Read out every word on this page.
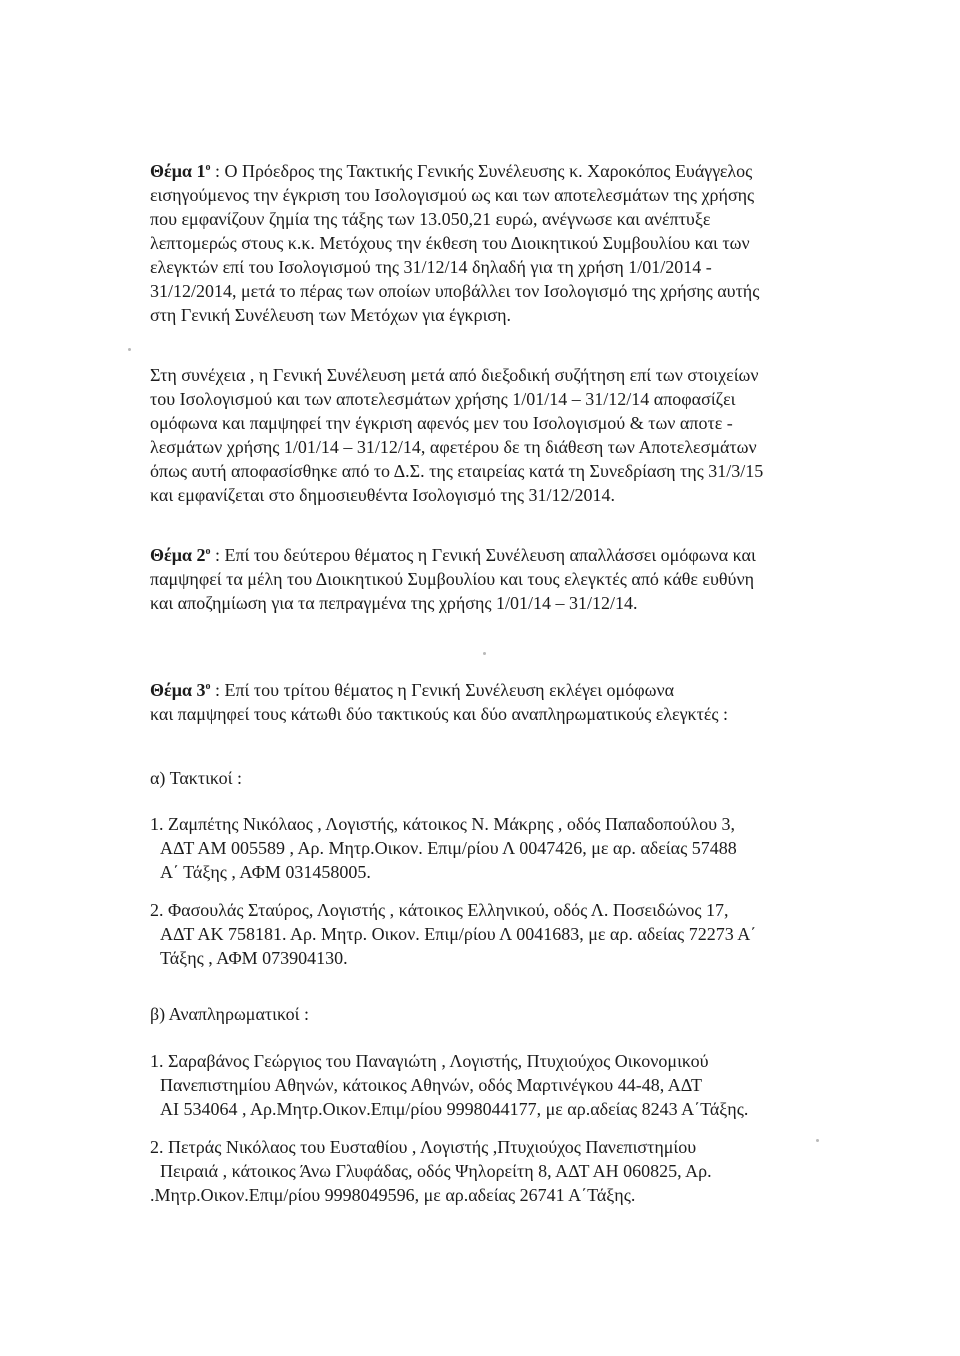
Θέμα $1^o$ : Ο Πρόεδρος της Τακτικής Γενικής Συνέλευσης κ. Χαροκόπος Ευάγγελος
εισηγούμενος την έγκριση του Ισολογισμού ως και των αποτελεσμάτων της χρήσης
που εμφανίζουν ζημία της τάξης των 13.050,21 ευρώ, ανέγνωσε και ανέπτυξε
λεπτομερώς στους κ.κ. Μετόχους την έκθεση του Διοικητικού Συμβουλίου και των
ελεγκτών επί του Ισολογισμού της 31/12/14 δηλαδή για τη χρήση 1/01/2014 -
31/12/2014, μετά το πέρας των οποίων υποβάλλει τον Ισολογισμό της χρήσης αυτής
στη Γενική Συνέλευση των Μετόχων για έγκριση.
Στη συνέχεια , η Γενική Συνέλευση μετά από διεξοδική συζήτηση επί των στοιχείων
του Ισολογισμού και των αποτελεσμάτων χρήσης 1/01/14 – 31/12/14 αποφασίζει
ομόφωνα και παμψηφεί την έγκριση αφενός μεν του Ισολογισμού & των αποτε -
λεσμάτων χρήσης 1/01/14 – 31/12/14, αφετέρου δε τη διάθεση των Αποτελεσμάτων
όπως αυτή αποφασίσθηκε από το Δ.Σ. της εταιρείας κατά τη Συνεδρίαση της 31/3/15
και εμφανίζεται στο δημοσιευθέντα Ισολογισμό της 31/12/2014.
Θέμα $2^o$ : Επί του δεύτερου θέματος η Γενική Συνέλευση απαλλάσσει ομόφωνα και
παμψηφεί τα μέλη του Διοικητικού Συμβουλίου και τους ελεγκτές από κάθε ευθύνη
και αποζημίωση για τα πεπραγμένα της χρήσης 1/01/14 – 31/12/14.
Θέμα $3^o$ : Επί του τρίτου θέματος η Γενική Συνέλευση εκλέγει ομόφωνα
και παμψηφεί τους κάτωθι δύο τακτικούς και δύο αναπληρωματικούς ελεγκτές :
α) Τακτικοί :
1. Ζαμπέτης Νικόλαος , Λογιστής, κάτοικος Ν. Μάκρης , οδός Παπαδοπούλου 3,
ΑΔΤ ΑΜ 005589 , Αρ. Μητρ.Οικον. Επιμ/ρίου Λ 0047426, με αρ. αδείας 57488
Α΄ Τάξης , ΑΦΜ 031458005.
2. Φασουλάς Σταύρος, Λογιστής , κάτοικος Ελληνικού, οδός Λ. Ποσειδώνος 17,
ΑΔΤ ΑΚ 758181. Αρ. Μητρ. Οικον. Επιμ/ρίου Λ 0041683, με αρ. αδείας 72273 Α΄
Τάξης , ΑΦΜ 073904130.
β) Αναπληρωματικοί :
1. Σαραβάνος Γεώργιος του Παναγιώτη , Λογιστής, Πτυχιούχος Οικονομικού
Πανεπιστημίου Αθηνών, κάτοικος Αθηνών, οδός Μαρτινέγκου 44-48, ΑΔΤ
ΑΙ 534064 , Αρ.Μητρ.Οικον.Επιμ/ρίου 9998044177, με αρ.αδείας 8243 Α΄Τάξης.
2. Πετράς Νικόλαος του Ευσταθίου , Λογιστής ,Πτυχιούχος Πανεπιστημίου
Πειραιά , κάτοικος Άνω Γλυφάδας, οδός Ψηλορείτη 8, ΑΔΤ ΑΗ 060825, Αρ.
.Μητρ.Οικον.Επιμ/ρίου 9998049596, με αρ.αδείας 26741 Α΄Τάξης.
